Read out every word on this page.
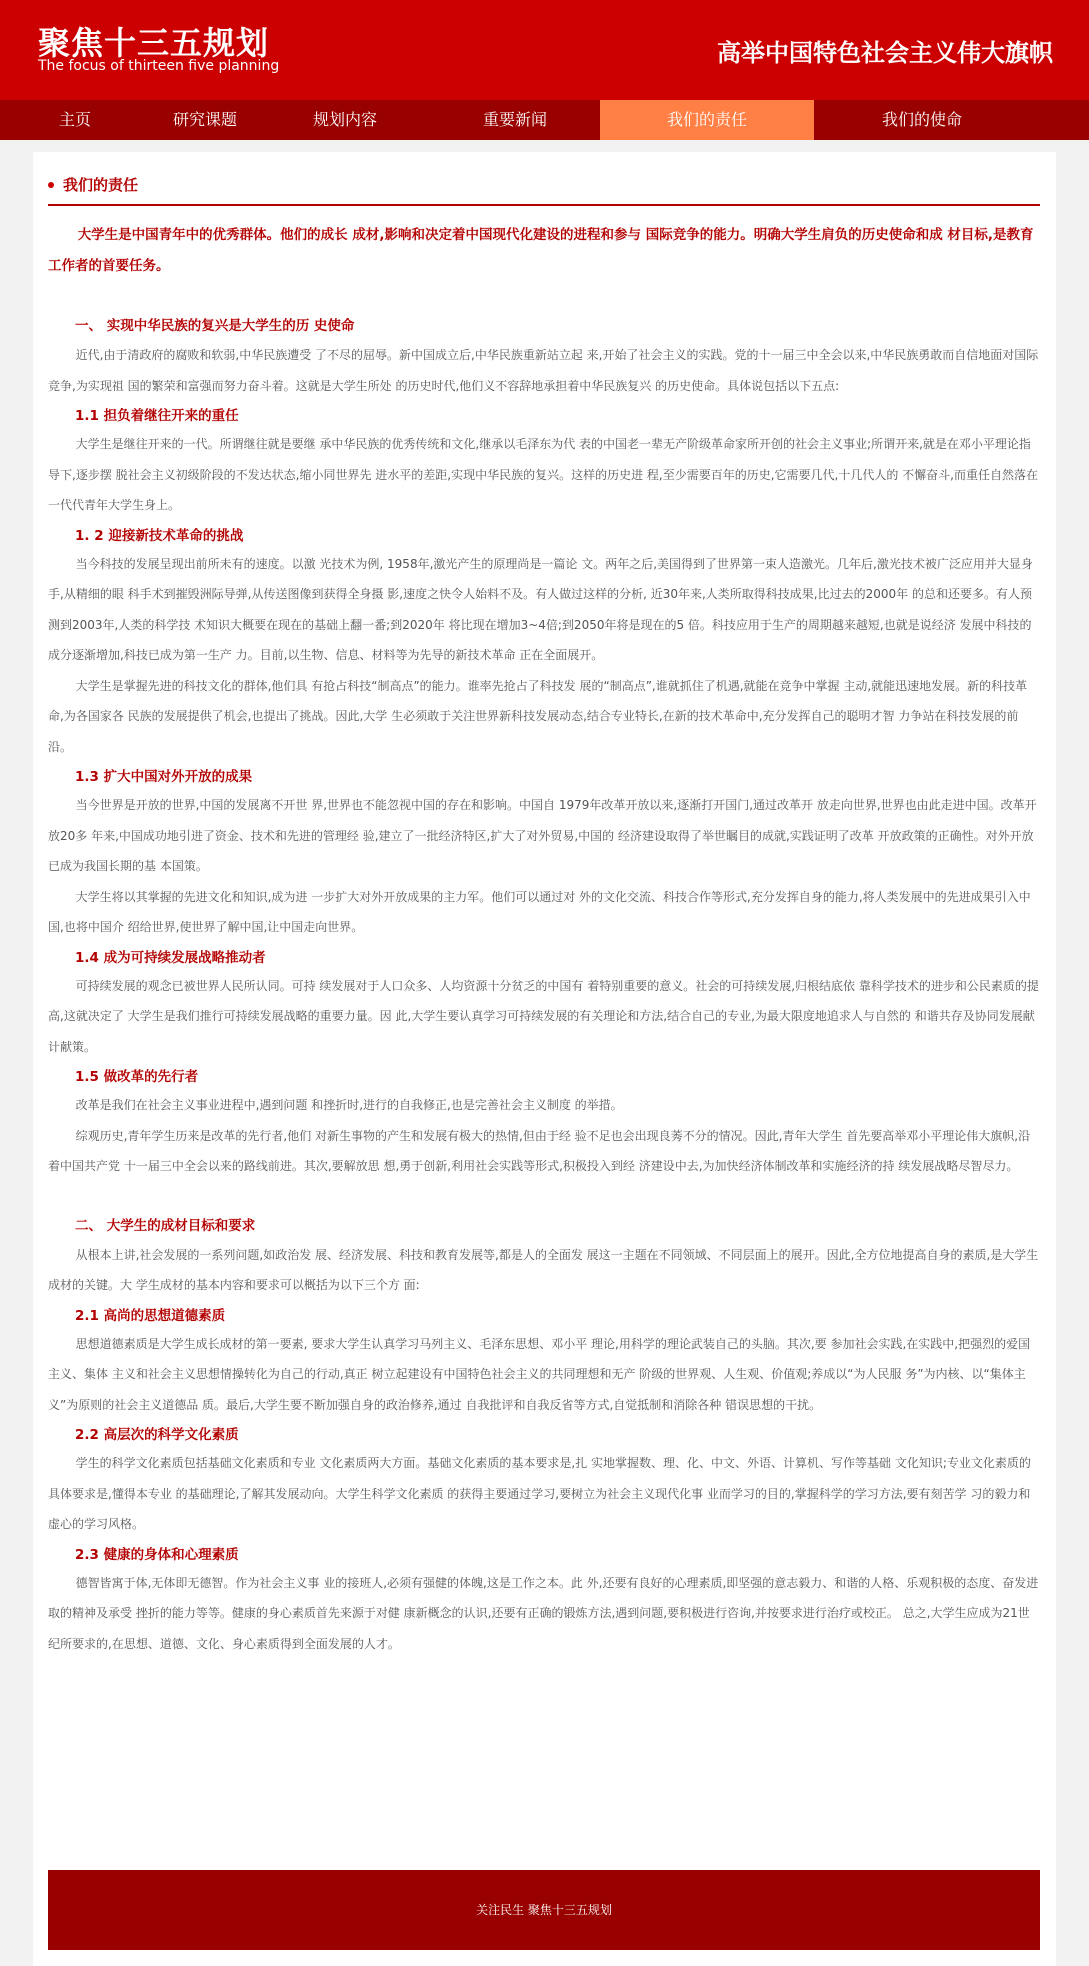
聚焦十三五规划
The focus of thirteen five planning	高举中国特色社会主义伟大旗帜
主页	研究课题	规划内容	重要新闻	我们的责任	我们的使命
我们的责任

大学生是中国青年中的优秀群体。他们的成长 成材,影响和决定着中国现代化建设的进程和参与 国际竞争的能力。明确大学生肩负的历史使命和成 材目标,是教育工作者的首要任务。

一、 实现中华民族的复兴是大学生的历 史使命

近代,由于清政府的腐败和软弱,中华民族遭受 了不尽的屈辱。新中国成立后,中华民族重新站立起 来,开始了社会主义的实践。党的十一届三中全会以来,中华民族勇敢而自信地面对国际竞争,为实现祖 国的繁荣和富强而努力奋斗着。这就是大学生所处 的历史时代,他们义不容辞地承担着中华民族复兴 的历史使命。具体说包括以下五点:

1.1 担负着继往开来的重任

大学生是继往开来的一代。所谓继往就是要继 承中华民族的优秀传统和文化,继承以毛泽东为代 表的中国老一辈无产阶级革命家所开创的社会主义事业;所谓开来,就是在邓小平理论指导下,逐步摆 脱社会主义初级阶段的不发达状态,缩小同世界先 进水平的差距,实现中华民族的复兴。这样的历史进 程,至少需要百年的历史,它需要几代,十几代人的 不懈奋斗,而重任自然落在一代代青年大学生身上。

1. 2 迎接新技术革命的挑战

当今科技的发展呈现出前所未有的速度。以激 光技术为例, 1958年,激光产生的原理尚是一篇论 文。两年之后,美国得到了世界第一束人造激光。几年后,激光技术被广泛应用并大显身手,从精细的眼 科手术到摧毁洲际导弹,从传送图像到获得全身摄 影,速度之快令人始料不及。有人做过这样的分析, 近30年来,人类所取得科技成果,比过去的2000年 的总和还要多。有人预测到2003年,人类的科学技 术知识大概要在现在的基础上翻一番;到2020年 将比现在增加3~4倍;到2050年将是现在的5 倍。科技应用于生产的周期越来越短,也就是说经济 发展中科技的成分逐渐增加,科技已成为第一生产 力。目前,以生物、信息、材料等为先导的新技术革命 正在全面展开。

大学生是掌握先进的科技文化的群体,他们具 有抢占科技“制高点”的能力。谁率先抢占了科技发 展的“制高点”,谁就抓住了机遇,就能在竞争中掌握 主动,就能迅速地发展。新的科技革命,为各国家各 民族的发展提供了机会,也提出了挑战。因此,大学 生必须敢于关注世界新科技发展动态,结合专业特长,在新的技术革命中,充分发挥自己的聪明才智 力争站在科技发展的前沿。

1.3 扩大中国对外开放的成果

当今世界是开放的世界,中国的发展离不开世 界,世界也不能忽视中国的存在和影响。中国自 1979年改革开放以来,逐渐打开国门,通过改革开 放走向世界,世界也由此走进中国。改革开放20多 年来,中国成功地引进了资金、技术和先进的管理经 验,建立了一批经济特区,扩大了对外贸易,中国的 经济建设取得了举世瞩目的成就,实践证明了改革 开放政策的正确性。对外开放已成为我国长期的基 本国策。

大学生将以其掌握的先进文化和知识,成为进 一步扩大对外开放成果的主力军。他们可以通过对 外的文化交流、科技合作等形式,充分发挥自身的能力,将人类发展中的先进成果引入中国,也将中国介 绍给世界,使世界了解中国,让中国走向世界。

1.4 成为可持续发展战略推动者

可持续发展的观念已被世界人民所认同。可持 续发展对于人口众多、人均资源十分贫乏的中国有 着特别重要的意义。社会的可持续发展,归根结底依 靠科学技术的进步和公民素质的提高,这就决定了 大学生是我们推行可持续发展战略的重要力量。因 此,大学生要认真学习可持续发展的有关理论和方法,结合自己的专业,为最大限度地追求人与自然的 和谐共存及协同发展献计献策。

1.5 做改革的先行者

改革是我们在社会主义事业进程中,遇到问题 和挫折时,进行的自我修正,也是完善社会主义制度 的举措。

综观历史,青年学生历来是改革的先行者,他们 对新生事物的产生和发展有极大的热情,但由于经 验不足也会出现良莠不分的情况。因此,青年大学生 首先要高举邓小平理论伟大旗帜,沿着中国共产党 十一届三中全会以来的路线前进。其次,要解放思 想,勇于创新,利用社会实践等形式,积极投入到经 济建设中去,为加快经济体制改革和实施经济的持 续发展战略尽智尽力。

二、 大学生的成材目标和要求

从根本上讲,社会发展的一系列问题,如政治发 展、经济发展、科技和教育发展等,都是人的全面发 展这一主题在不同领域、不同层面上的展开。因此,全方位地提高自身的素质,是大学生成材的关键。大 学生成材的基本内容和要求可以概括为以下三个方 面:

2.1 高尚的思想道德素质

思想道德素质是大学生成长成材的第一要素, 要求大学生认真学习马列主义、毛泽东思想、邓小平 理论,用科学的理论武装自己的头脑。其次,要 参加社会实践,在实践中,把强烈的爱国主义、集体 主义和社会主义思想情操转化为自己的行动,真正 树立起建设有中国特色社会主义的共同理想和无产 阶级的世界观、人生观、价值观;养成以“为人民服 务”为内核、以“集体主义”为原则的社会主义道德品 质。最后,大学生要不断加强自身的政治修养,通过 自我批评和自我反省等方式,自觉抵制和消除各种 错误思想的干扰。

2.2 高层次的科学文化素质

学生的科学文化素质包括基础文化素质和专业 文化素质两大方面。基础文化素质的基本要求是,扎 实地掌握数、理、化、中文、外语、计算机、写作等基础 文化知识;专业文化素质的具体要求是,懂得本专业 的基础理论,了解其发展动向。大学生科学文化素质 的获得主要通过学习,要树立为社会主义现代化事 业而学习的目的,掌握科学的学习方法,要有刻苦学 习的毅力和虚心的学习风格。

2.3 健康的身体和心理素质

德智皆寓于体,无体即无德智。作为社会主义事 业的接班人,必须有强健的体魄,这是工作之本。此 外,还要有良好的心理素质,即坚强的意志毅力、和谐的人格、乐观积极的态度、奋发进取的精神及承受 挫折的能力等等。健康的身心素质首先来源于对健 康新概念的认识,还要有正确的锻炼方法,遇到问题,要积极进行咨询,并按要求进行治疗或校正。 总之,大学生应成为21世纪所要求的,在思想、道德、文化、身心素质得到全面发展的人才。

关注民生 聚焦十三五规划
